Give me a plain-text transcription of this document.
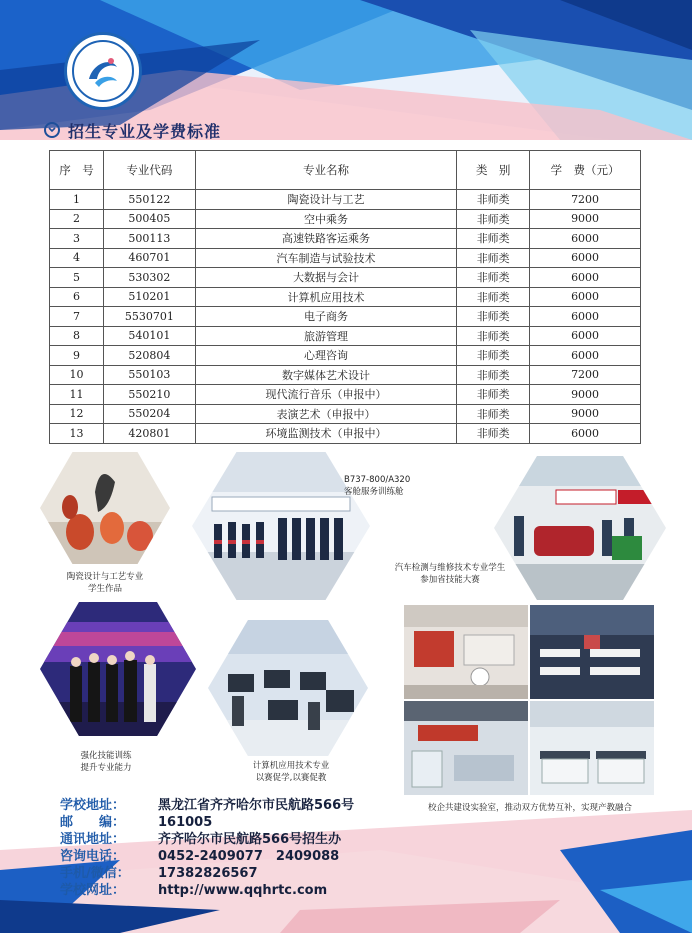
招生专业及学费标准
序　号	专业代码	专业名称	类　别	学　费（元）
1	550122	陶瓷设计与工艺	非师类	7200
2	500405	空中乘务	非师类	9000
3	500113	高速铁路客运乘务	非师类	6000
4	460701	汽车制造与试验技术	非师类	6000
5	530302	大数据与会计	非师类	6000
6	510201	计算机应用技术	非师类	6000
7	5530701	电子商务	非师类	6000
8	540101	旅游管理	非师类	6000
9	520804	心理咨询	非师类	6000
10	550103	数字媒体艺术设计	非师类	7200
11	550210	现代流行音乐（申报中）	非师类	9000
12	550204	表演艺术（申报中）	非师类	9000
13	420801	环境监测技术（申报中）	非师类	6000
陶瓷设计与工艺专业
学生作品
B737-800/A320
客舱服务训练舱
汽车检测与维修技术专业学生
参加省技能大赛
强化技能训练
提升专业能力	计算机应用技术专业
以赛促学,以赛促教
校企共建设实验室，推动双方优势互补，实现产教融合
学校地址：	黑龙江省齐齐哈尔市民航路566号
邮　　编：	161005
通讯地址：	齐齐哈尔市民航路566号招生办
咨询电话：	0452-2409077　2409088
手机/微信：	17382826567
学校网址：	http://www.qqhrtc.com
